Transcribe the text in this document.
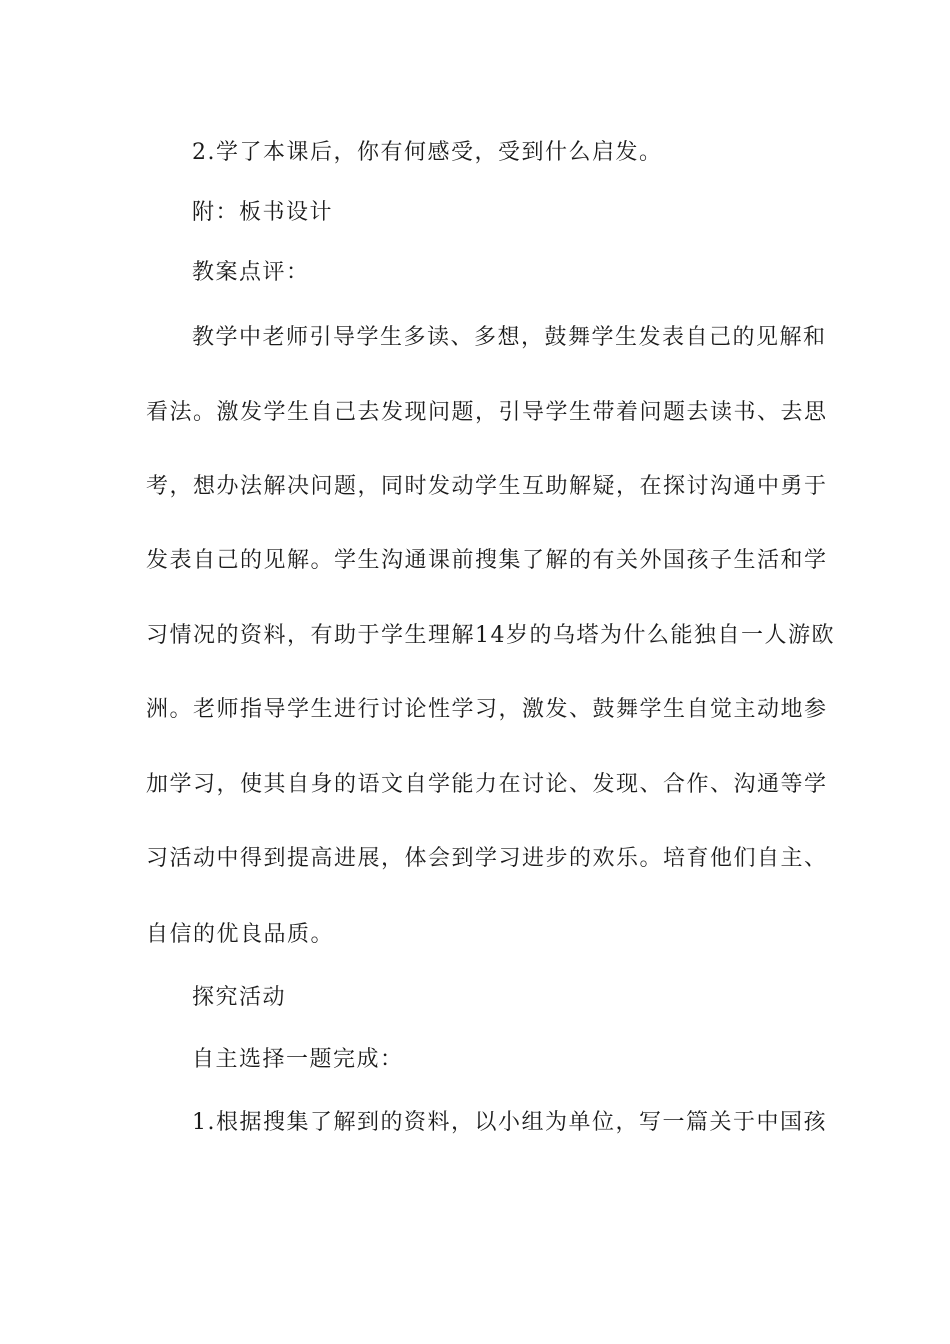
2.学了本课后，你有何感受，受到什么启发。
附：板书设计
教案点评：
教学中老师引导学生多读、多想，鼓舞学生发表自己的见解和
看法。激发学生自己去发现问题，引导学生带着问题去读书、去思
考，想办法解决问题，同时发动学生互助解疑，在探讨沟通中勇于
发表自己的见解。学生沟通课前搜集了解的有关外国孩子生活和学
习情况的资料，有助于学生理解14岁的乌塔为什么能独自一人游欧
洲。老师指导学生进行讨论性学习，激发、鼓舞学生自觉主动地参
加学习，使其自身的语文自学能力在讨论、发现、合作、沟通等学
习活动中得到提高进展，体会到学习进步的欢乐。培育他们自主、
自信的优良品质。
探究活动
自主选择一题完成：
1.根据搜集了解到的资料，以小组为单位，写一篇关于中国孩
